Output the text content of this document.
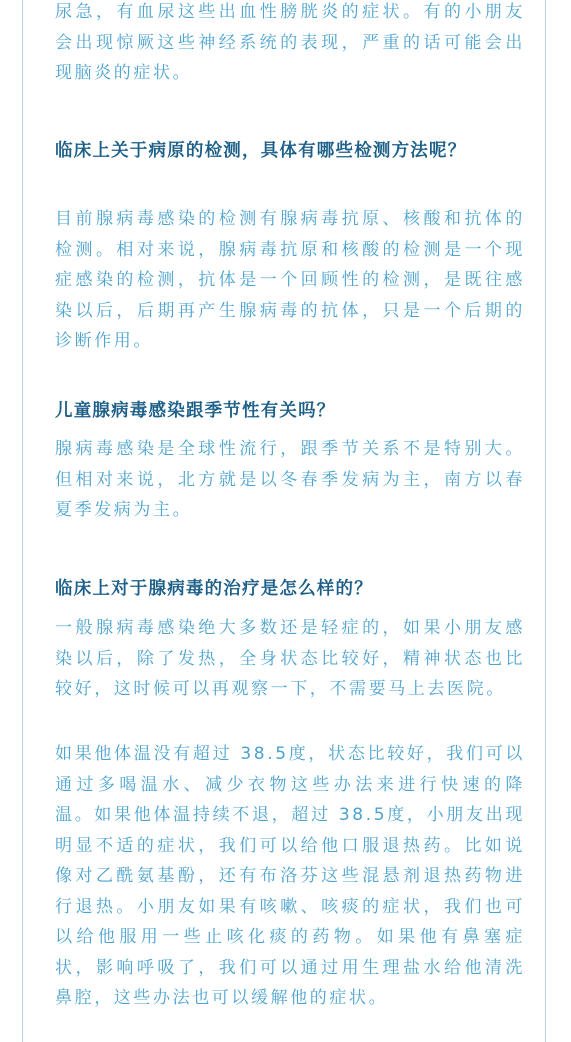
尿急，有血尿这些出血性膀胱炎的症状。有的小朋友会出现惊厥这些神经系统的表现，严重的话可能会出现脑炎的症状。

临床上关于病原的检测，具体有哪些检测方法呢？

目前腺病毒感染的检测有腺病毒抗原、核酸和抗体的检测。相对来说，腺病毒抗原和核酸的检测是一个现症感染的检测，抗体是一个回顾性的检测，是既往感染以后，后期再产生腺病毒的抗体，只是一个后期的诊断作用。

儿童腺病毒感染跟季节性有关吗？

腺病毒感染是全球性流行，跟季节关系不是特别大。但相对来说，北方就是以冬春季发病为主，南方以春夏季发病为主。

临床上对于腺病毒的治疗是怎么样的？

一般腺病毒感染绝大多数还是轻症的，如果小朋友感染以后，除了发热，全身状态比较好，精神状态也比较好，这时候可以再观察一下，不需要马上去医院。

如果他体温没有超过 38.5度，状态比较好，我们可以通过多喝温水、减少衣物这些办法来进行快速的降温。如果他体温持续不退，超过 38.5度，小朋友出现明显不适的症状，我们可以给他口服退热药。比如说像对乙酰氨基酚，还有布洛芬这些混悬剂退热药物进行退热。小朋友如果有咳嗽、咳痰的症状，我们也可以给他服用一些止咳化痰的药物。如果他有鼻塞症状，影响呼吸了，我们可以通过用生理盐水给他清洗鼻腔，这些办法也可以缓解他的症状。
